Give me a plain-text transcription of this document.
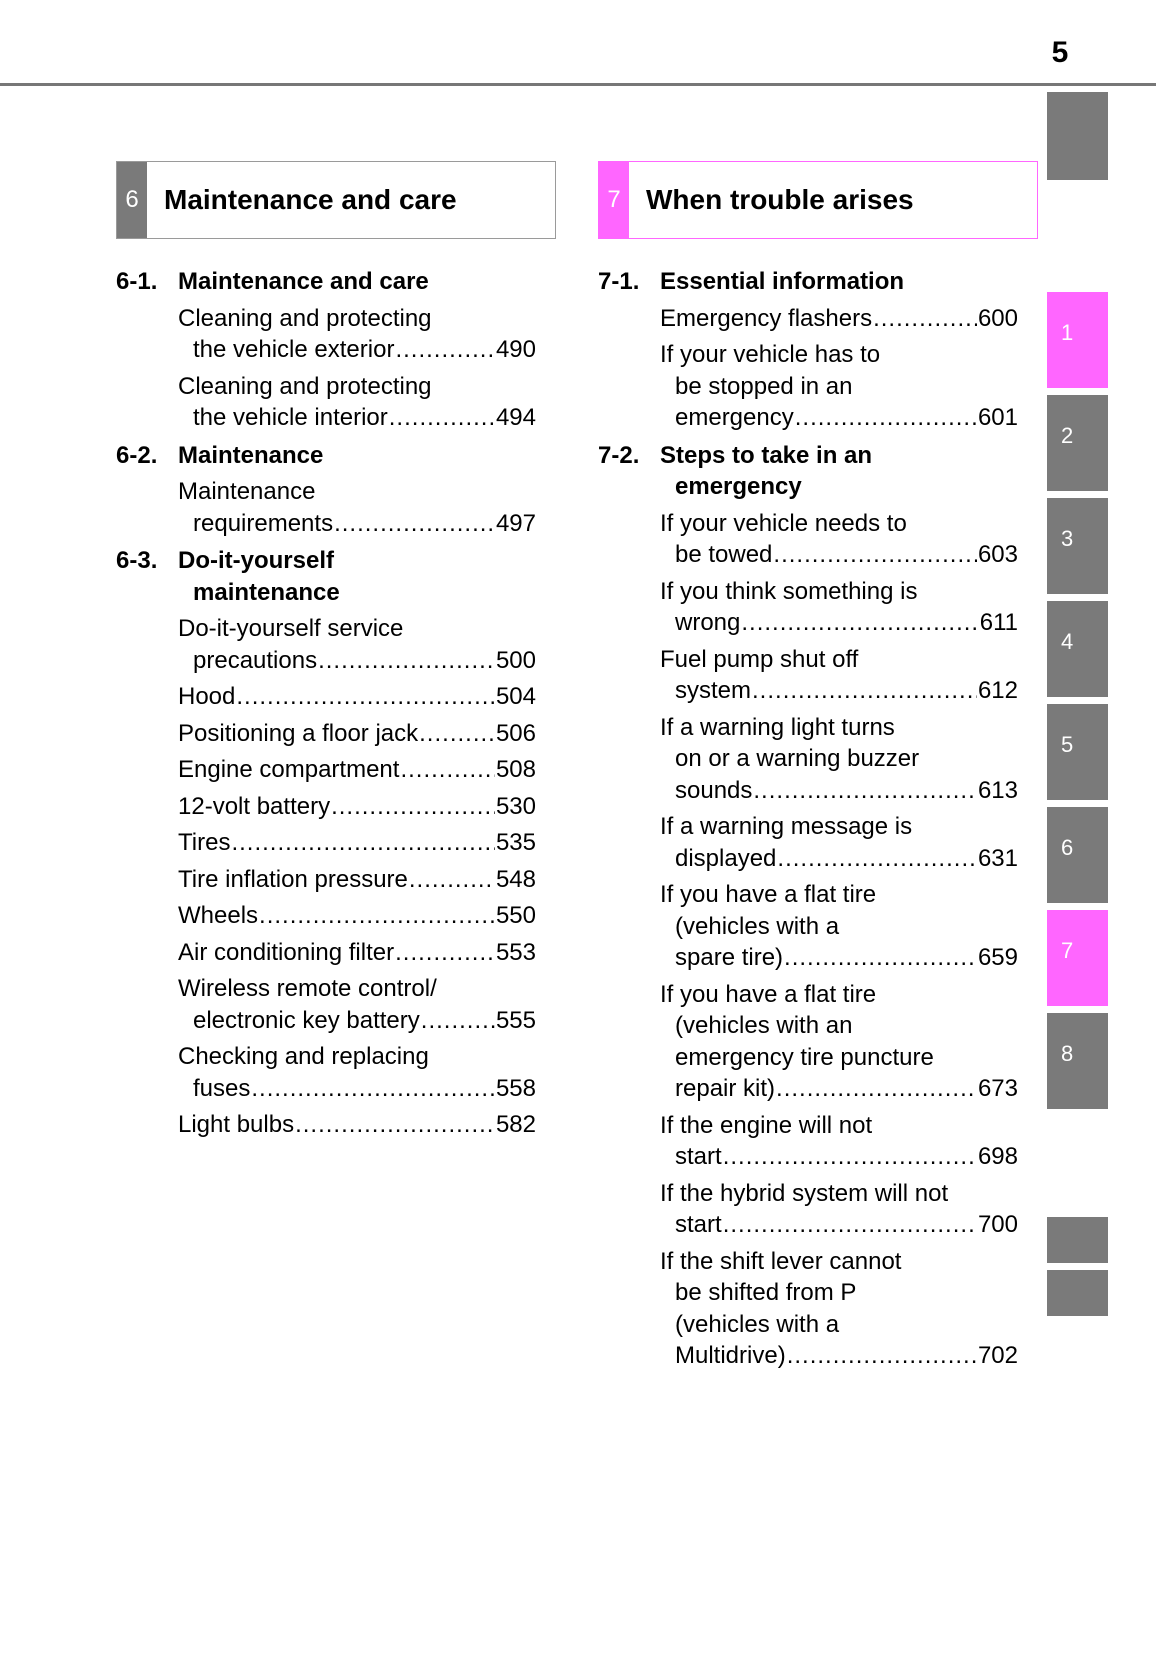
5
6 Maintenance and care	7 When trouble arises
6-1. Maintenance and care
Cleaning and protecting
the vehicle exterior .....	490
Cleaning and protecting
the vehicle interior .....	494
6-2. Maintenance
Maintenance
requirements .....	497
6-3. Do-it-yourself
maintenance
Do-it-yourself service
precautions .....	500
Hood .....	504
Positioning a floor jack .....	506
Engine compartment .....	508
12-volt battery .....	530
Tires .....	535
Tire inflation pressure .....	548
Wheels .....	550
Air conditioning filter .....	553
Wireless remote control/
electronic key battery .....	555
Checking and replacing
fuses .....	558
Light bulbs .....	582
7-1. Essential information
Emergency flashers .....	600
If your vehicle has to
be stopped in an
emergency .....	601
7-2. Steps to take in an
emergency
If your vehicle needs to
be towed .....	603
If you think something is
wrong .....	611
Fuel pump shut off
system .....	612
If a warning light turns
on or a warning buzzer
sounds .....	613
If a warning message is
displayed .....	631
If you have a flat tire
(vehicles with a
spare tire) .....	659
If you have a flat tire
(vehicles with an
emergency tire puncture
repair kit) .....	673
If the engine will not
start .....	698
If the hybrid system will not
start .....	700
If the shift lever cannot
be shifted from P
(vehicles with a
Multidrive) .....	702
1
2
3
4
5
6
7
8
